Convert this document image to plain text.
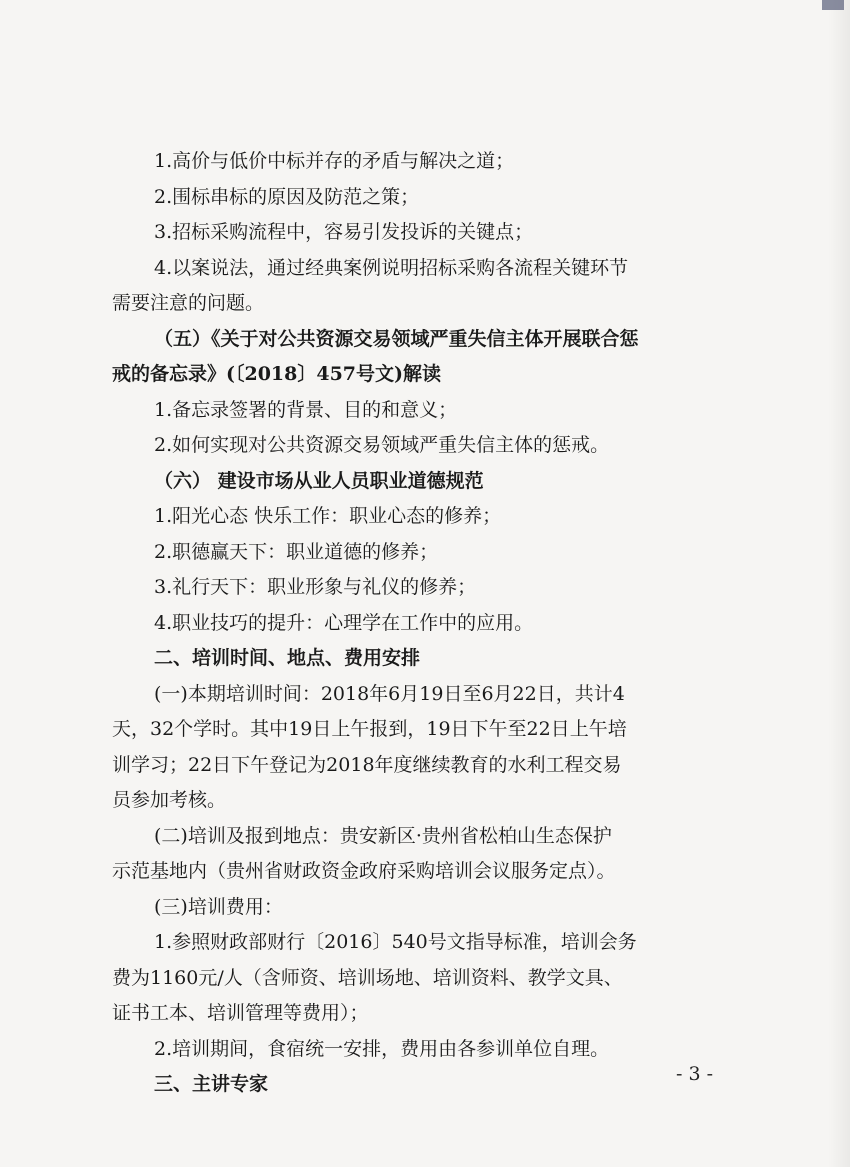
1.高价与低价中标并存的矛盾与解决之道；
2.围标串标的原因及防范之策；
3.招标采购流程中，容易引发投诉的关键点；
4.以案说法，通过经典案例说明招标采购各流程关键环节
需要注意的问题。
（五）《关于对公共资源交易领域严重失信主体开展联合惩
戒的备忘录》(〔2018〕457号文)解读
1.备忘录签署的背景、目的和意义；
2.如何实现对公共资源交易领域严重失信主体的惩戒。
（六） 建设市场从业人员职业道德规范
1.阳光心态 快乐工作：职业心态的修养；
2.职德赢天下：职业道德的修养；
3.礼行天下：职业形象与礼仪的修养；
4.职业技巧的提升：心理学在工作中的应用。
二、培训时间、地点、费用安排
(一)本期培训时间：2018年6月19日至6月22日，共计4
天，32个学时。其中19日上午报到，19日下午至22日上午培
训学习；22日下午登记为2018年度继续教育的水利工程交易
员参加考核。
(二)培训及报到地点：贵安新区·贵州省松柏山生态保护
示范基地内（贵州省财政资金政府采购培训会议服务定点）。
(三)培训费用：
1.参照财政部财行〔2016〕540号文指导标准，培训会务
费为1160元/人（含师资、培训场地、培训资料、教学文具、
证书工本、培训管理等费用）；
2.培训期间，食宿统一安排，费用由各参训单位自理。
三、主讲专家	- 3 -
